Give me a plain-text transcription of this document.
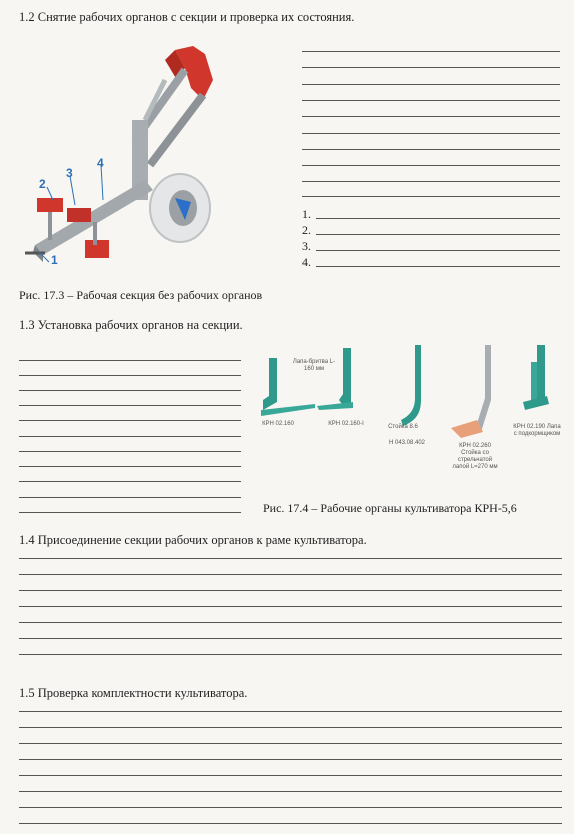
1.2 Снятие рабочих органов с секции и проверка их состояния.
1
2
3
4
1.
2.
3.
4.
Рис. 17.3 – Рабочая секция без рабочих органов
1.3 Установка рабочих органов на секции.
Лапа-бритва L-160 мм
КРН 02.160	КРН 02.160-I	Стойка 8.6
Н 043.08.402	КРН 02.260 Стойка со стрельчатой лапой L=270 мм
КРН 02.190 Лапа с подкормщиком
Рис. 17.4 – Рабочие органы культиватора КРН-5,6
1.4 Присоединение секции рабочих органов к раме культиватора.
1.5 Проверка комплектности культиватора.
